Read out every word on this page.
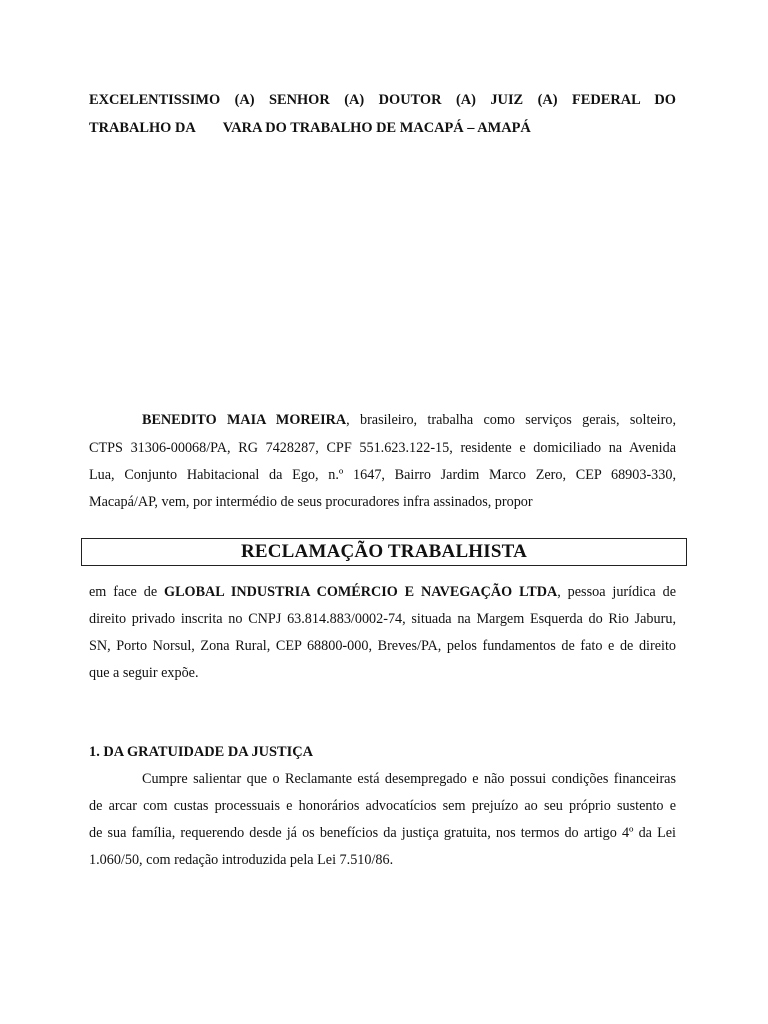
EXCELENTISSIMO (A) SENHOR (A) DOUTOR (A) JUIZ (A) FEDERAL DO
TRABALHO DA VARA DO TRABALHO DE MACAPÁ – AMAPÁ
BENEDITO MAIA MOREIRA, brasileiro, trabalha como serviços gerais, solteiro,
CTPS 31306-00068/PA, RG 7428287, CPF 551.623.122-15, residente e domiciliado na Avenida
Lua, Conjunto Habitacional da Ego, n.º 1647, Bairro Jardim Marco Zero, CEP 68903-330,
Macapá/AP, vem, por intermédio de seus procuradores infra assinados, propor
RECLAMAÇÃO TRABALHISTA
em face de GLOBAL INDUSTRIA COMÉRCIO E NAVEGAÇÃO LTDA, pessoa jurídica de
direito privado inscrita no CNPJ 63.814.883/0002-74, situada na Margem Esquerda do Rio Jaburu,
SN, Porto Norsul, Zona Rural, CEP 68800-000, Breves/PA, pelos fundamentos de fato e de direito
que a seguir expõe.
1. DA GRATUIDADE DA JUSTIÇA
Cumpre salientar que o Reclamante está desempregado e não possui condições financeiras
de arcar com custas processuais e honorários advocatícios sem prejuízo ao seu próprio sustento e
de sua família, requerendo desde já os benefícios da justiça gratuita, nos termos do artigo 4º da Lei
1.060/50, com redação introduzida pela Lei 7.510/86.
